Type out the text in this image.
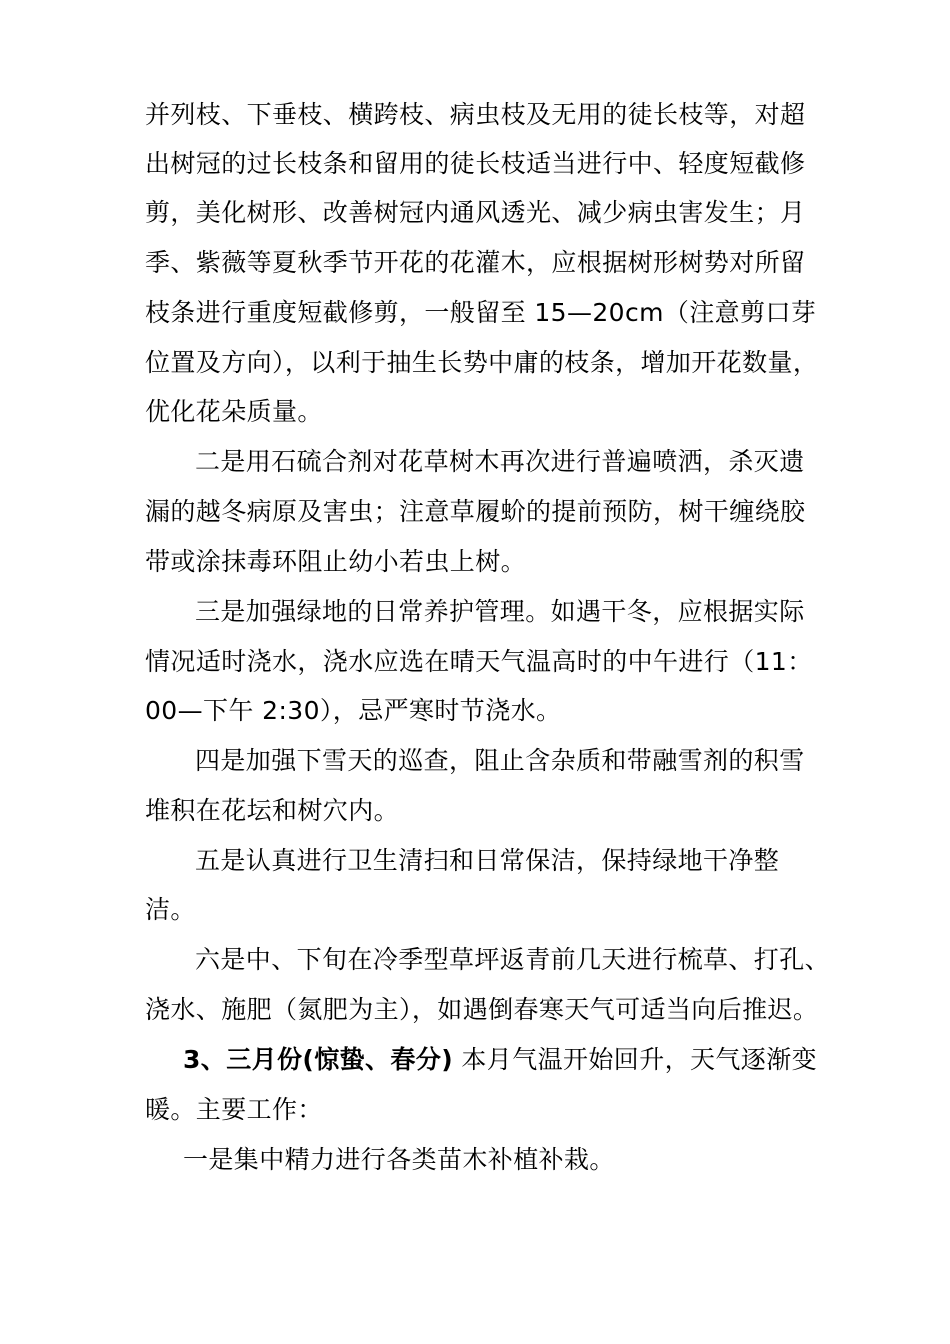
并列枝、下垂枝、横跨枝、病虫枝及无用的徒长枝等，对超
出树冠的过长枝条和留用的徒长枝适当进行中、轻度短截修
剪，美化树形、改善树冠内通风透光、减少病虫害发生；月
季、紫薇等夏秋季节开花的花灌木，应根据树形树势对所留
枝条进行重度短截修剪，一般留至 15—20cm（注意剪口芽
位置及方向），以利于抽生长势中庸的枝条，增加开花数量，
优化花朵质量。
二是用石硫合剂对花草树木再次进行普遍喷洒，杀灭遗
漏的越冬病原及害虫；注意草履蚧的提前预防，树干缠绕胶
带或涂抹毒环阻止幼小若虫上树。
三是加强绿地的日常养护管理。如遇干冬，应根据实际
情况适时浇水，浇水应选在晴天气温高时的中午进行（11：
00—下午 2:30），忌严寒时节浇水。
四是加强下雪天的巡查，阻止含杂质和带融雪剂的积雪
堆积在花坛和树穴内。
五是认真进行卫生清扫和日常保洁，保持绿地干净整
洁。
六是中、下旬在冷季型草坪返青前几天进行梳草、打孔、
浇水、施肥（氮肥为主），如遇倒春寒天气可适当向后推迟。
3、三月份(惊蛰、春分) 本月气温开始回升，天气逐渐变
暖。主要工作：
一是集中精力进行各类苗木补植补栽。
